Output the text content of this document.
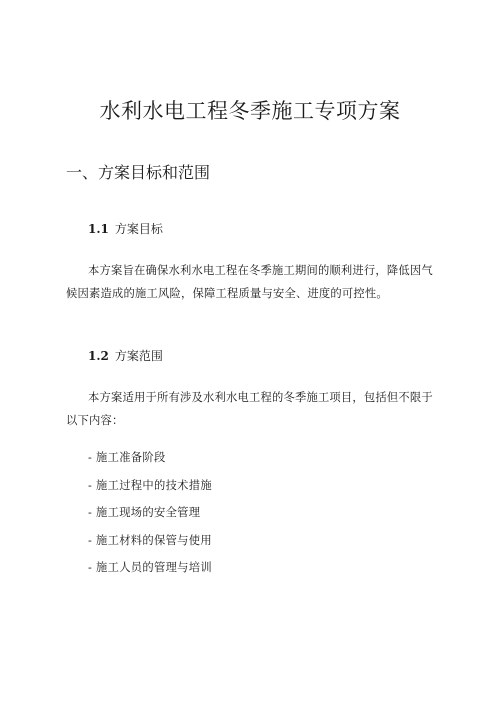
水利水电工程冬季施工专项方案
一、方案目标和范围
1.1 方案目标

本方案旨在确保水利水电工程在冬季施工期间的顺利进行，降低因气候因素造成的施工风险，保障工程质量与安全、进度的可控性。

1.2 方案范围

本方案适用于所有涉及水利水电工程的冬季施工项目，包括但不限于以下内容：

- 施工准备阶段
- 施工过程中的技术措施
- 施工现场的安全管理
- 施工材料的保管与使用
- 施工人员的管理与培训
